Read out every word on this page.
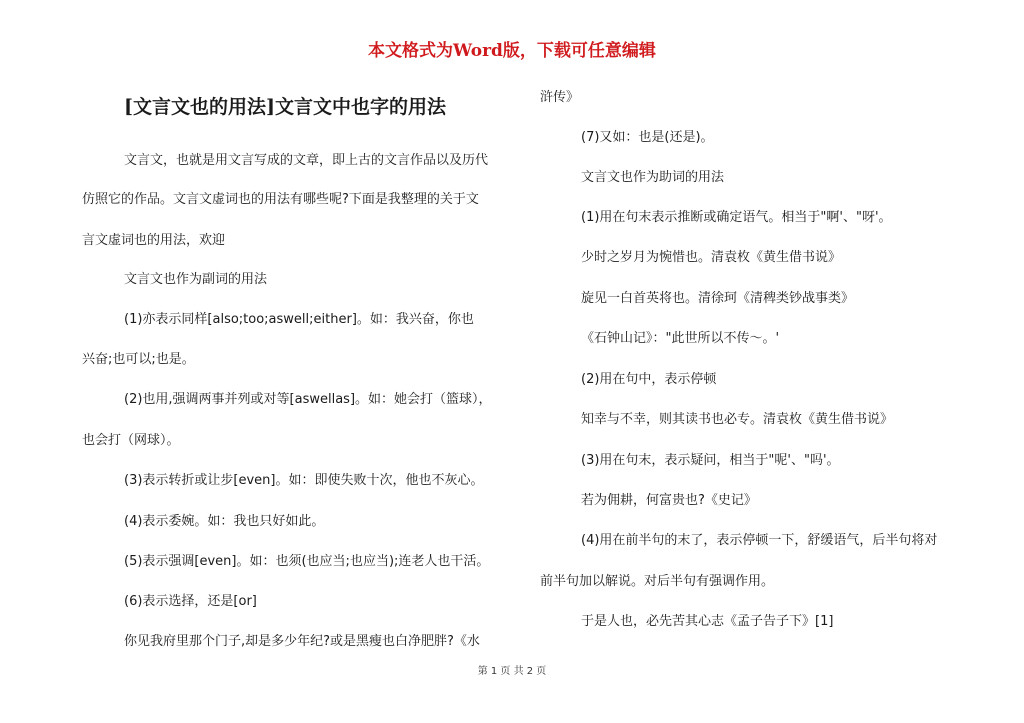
本文格式为Word版，下载可任意编辑
[文言文也的用法]文言文中也字的用法
文言文，也就是用文言写成的文章，即上古的文言作品以及历代
仿照它的作品。文言文虚词也的用法有哪些呢?下面是我整理的关于文
言文虚词也的用法，欢迎
文言文也作为副词的用法
(1)亦表示同样[also;too;aswell;either]。如：我兴奋，你也
兴奋;也可以;也是。
(2)也用,强调两事并列或对等[aswellas]。如：她会打（篮球），
也会打（网球）。
(3)表示转折或让步[even]。如：即使失败十次，他也不灰心。
(4)表示委婉。如：我也只好如此。
(5)表示强调[even]。如：也须(也应当;也应当);连老人也干活。
(6)表示选择，还是[or]
你见我府里那个门子,却是多少年纪?或是黑瘦也白净肥胖?《水
浒传》
(7)又如：也是(还是)。
文言文也作为助词的用法
(1)用在句末表示推断或确定语气。相当于"啊'、"呀'。
少时之岁月为惋惜也。清袁枚《黄生借书说》
旋见一白首英将也。清徐珂《清稗类钞战事类》
《石钟山记》："此世所以不传～。'
(2)用在句中，表示停顿
知幸与不幸，则其读书也必专。清袁枚《黄生借书说》
(3)用在句末，表示疑问，相当于"呢'、"吗'。
若为佣耕，何富贵也?《史记》
(4)用在前半句的末了，表示停顿一下，舒缓语气，后半句将对
前半句加以解说。对后半句有强调作用。
于是人也，必先苦其心志《孟子告子下》[1]
第 1 页 共 2 页
